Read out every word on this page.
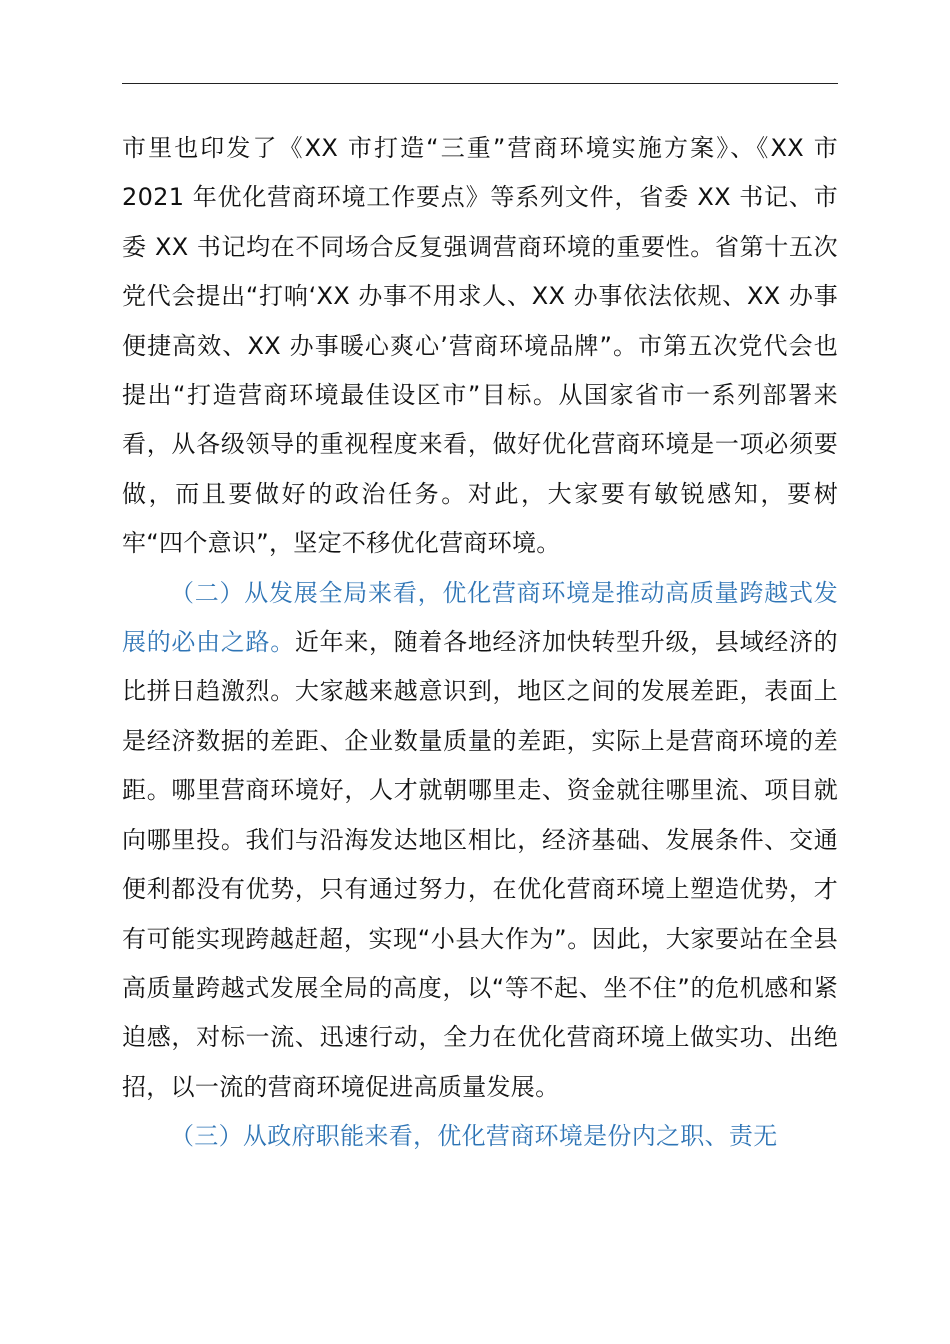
市里也印发了《XX 市打造“三重”营商环境实施方案》、《XX 市 2021 年优化营商环境工作要点》等系列文件，省委 XX 书记、市委 XX 书记均在不同场合反复强调营商环境的重要性。省第十五次党代会提出“打响‘XX 办事不用求人、XX 办事依法依规、XX 办事便捷高效、XX 办事暖心爽心’营商环境品牌”。市第五次党代会也提出“打造营商环境最佳设区市”目标。从国家省市一系列部署来看，从各级领导的重视程度来看，做好优化营商环境是一项必须要做，而且要做好的政治任务。对此，大家要有敏锐感知，要树牢“四个意识”，坚定不移优化营商环境。

（二）从发展全局来看，优化营商环境是推动高质量跨越式发展的必由之路。近年来，随着各地经济加快转型升级，县域经济的比拼日趋激烈。大家越来越意识到，地区之间的发展差距，表面上是经济数据的差距、企业数量质量的差距，实际上是营商环境的差距。哪里营商环境好，人才就朝哪里走、资金就往哪里流、项目就向哪里投。我们与沿海发达地区相比，经济基础、发展条件、交通便利都没有优势，只有通过努力，在优化营商环境上塑造优势，才有可能实现跨越赶超，实现“小县大作为”。因此，大家要站在全县高质量跨越式发展全局的高度，以“等不起、坐不住”的危机感和紧迫感，对标一流、迅速行动，全力在优化营商环境上做实功、出绝招，以一流的营商环境促进高质量发展。

（三）从政府职能来看，优化营商环境是份内之职、责无
